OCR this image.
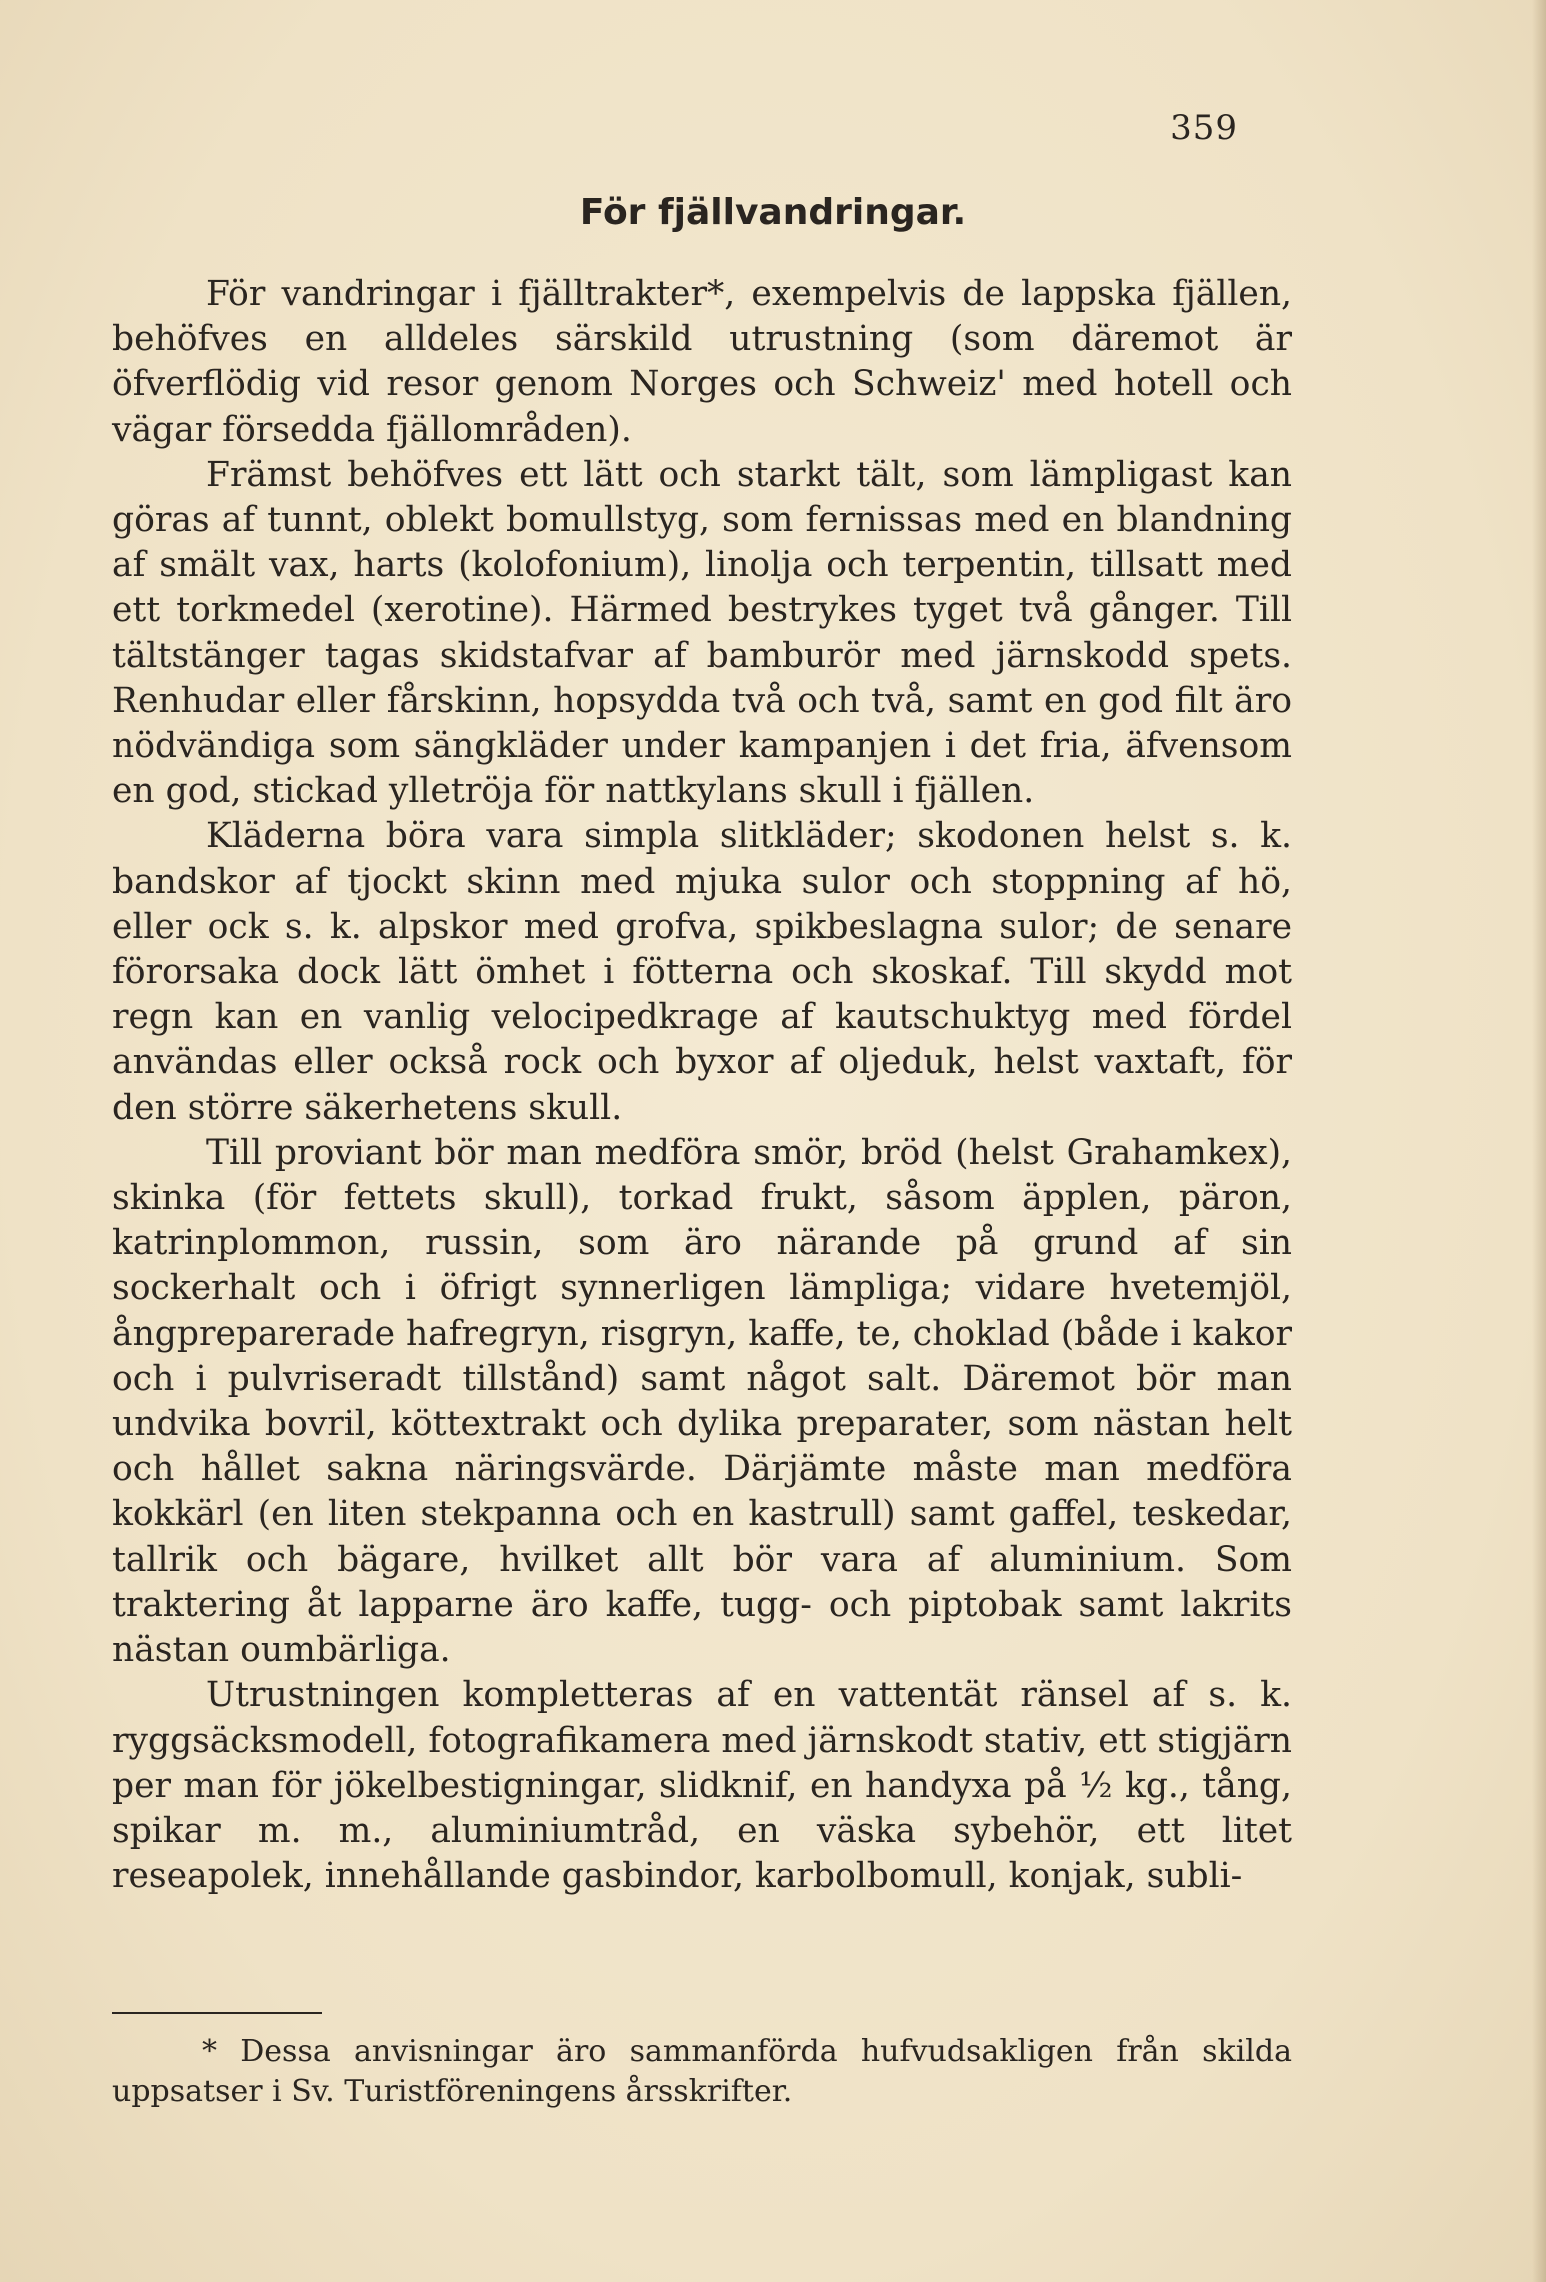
359
För fjällvandringar.

För vandringar i fjälltrakter*, exempelvis de lappska fjällen, behöfves en alldeles särskild utrustning (som däremot är öfverflödig vid resor genom Norges och Schweiz' med hotell och vägar försedda fjällområden).

Främst behöfves ett lätt och starkt tält, som lämpligast kan göras af tunnt, oblekt bomullstyg, som fernissas med en blandning af smält vax, harts (kolofonium), linolja och terpentin, tillsatt med ett torkmedel (xerotine). Härmed bestrykes tyget två gånger. Till tältstänger tagas skidstafvar af bamburör med järnskodd spets. Renhudar eller fårskinn, hopsydda två och två, samt en god filt äro nödvändiga som sängkläder under kampanjen i det fria, äfvensom en god, stickad ylletröja för nattkylans skull i fjällen.

Kläderna böra vara simpla slitkläder; skodonen helst s. k. bandskor af tjockt skinn med mjuka sulor och stoppning af hö, eller ock s. k. alpskor med grofva, spikbeslagna sulor; de senare förorsaka dock lätt ömhet i fötterna och skoskaf. Till skydd mot regn kan en vanlig velocipedkrage af kautschuktyg med fördel användas eller också rock och byxor af oljeduk, helst vaxtaft, för den större säkerhetens skull.

Till proviant bör man medföra smör, bröd (helst Grahamkex), skinka (för fettets skull), torkad frukt, såsom äpplen, päron, katrinplommon, russin, som äro närande på grund af sin sockerhalt och i öfrigt synnerligen lämpliga; vidare hvetemjöl, ångpreparerade hafregryn, risgryn, kaffe, te, choklad (både i kakor och i pulvriseradt tillstånd) samt något salt. Däremot bör man undvika bovril, köttextrakt och dylika preparater, som nästan helt och hållet sakna näringsvärde. Därjämte måste man medföra kokkärl (en liten stekpanna och en kastrull) samt gaffel, teskedar, tallrik och bägare, hvilket allt bör vara af aluminium. Som traktering åt lapparne äro kaffe, tugg- och piptobak samt lakrits nästan oumbärliga.

Utrustningen kompletteras af en vattentät ränsel af s. k. ryggsäcksmodell, fotografikamera med järnskodt stativ, ett stigjärn per man för jökelbestigningar, slidknif, en handyxa på ½ kg., tång, spikar m. m., aluminiumtråd, en väska sybehör, ett litet reseapolek, innehållande gasbindor, karbolbomull, konjak, subli-

* Dessa anvisningar äro sammanförda hufvudsakligen från skilda uppsatser i Sv. Turistföreningens årsskrifter.
